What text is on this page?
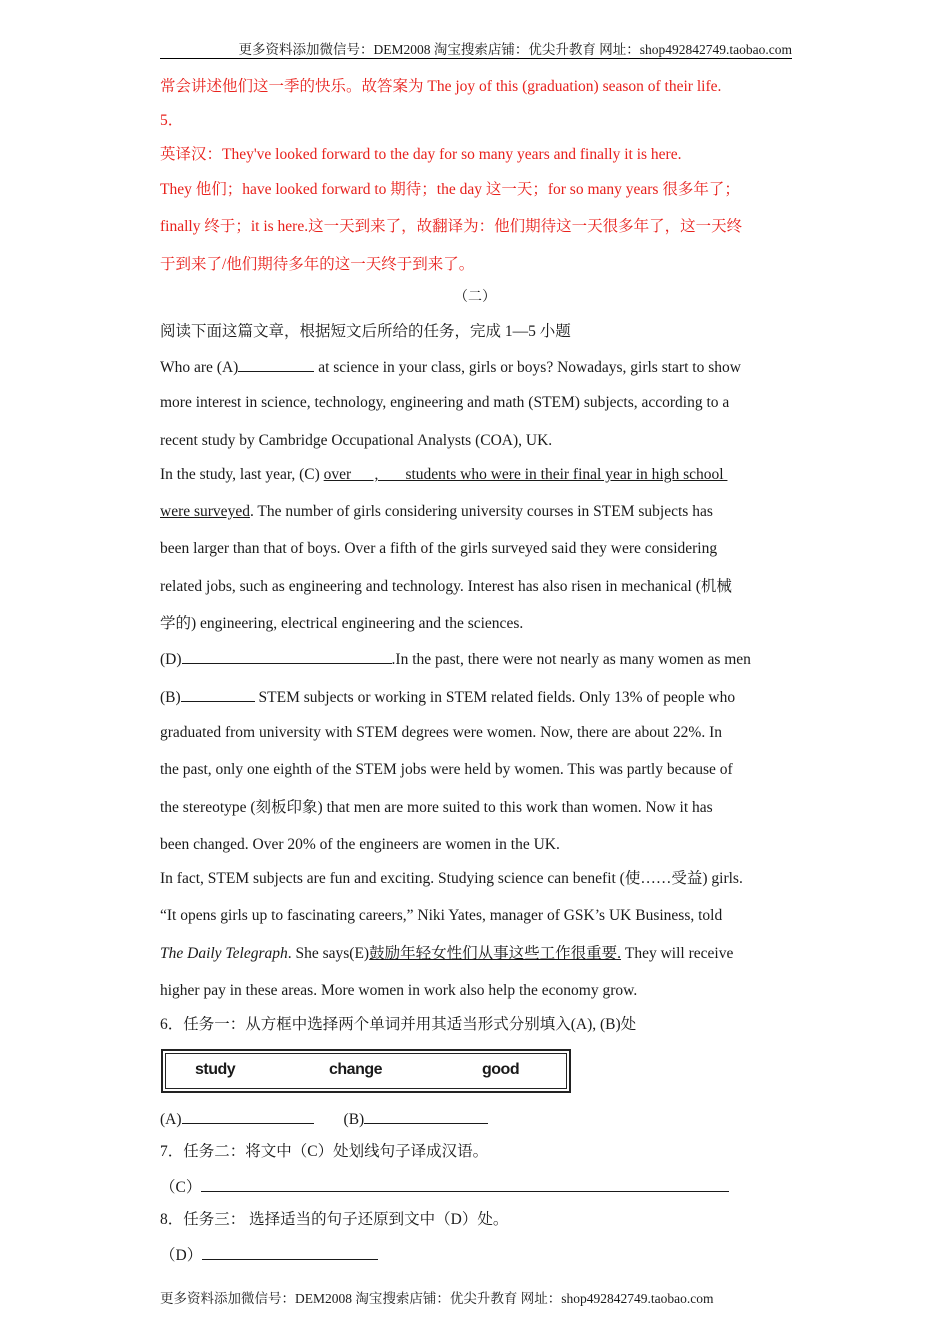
更多资料添加微信号：DEM2008 淘宝搜索店铺：优尖升教育 网址：shop492842749.taobao.com
常会讲述他们这一季的快乐。故答案为 The joy of this (graduation) season of their life.
5．
英译汉：They've looked forward to the day for so many years and finally it is here.
They 他们；have looked forward to 期待；the day 这一天；for so many years 很多年了；
finally 终于；it is here.这一天到来了，故翻译为：他们期待这一天很多年了，这一天终
于到来了/他们期待多年的这一天终于到来了。
（二）
阅读下面这篇文章，根据短文后所给的任务，完成 1—5 小题
Who are (A)	at science in your class, girls or boys? Nowadays, girls start to show
more interest in science, technology, engineering and math (STEM) subjects, according to a
recent study by Cambridge Occupational Analysts (COA), UK.
In the study, last year, (C) over      ,       students who were in their final year in high school
were surveyed. The number of girls considering university courses in STEM subjects has
been larger than that of boys. Over a fifth of the girls surveyed said they were considering
related jobs, such as engineering and technology. Interest has also risen in mechanical (机械
学的) engineering, electrical engineering and the sciences.
(D)	.In the past, there were not nearly as many women as men
(B)	STEM subjects or working in STEM related fields. Only 13% of people who
graduated from university with STEM degrees were women. Now, there are about 22%. In
the past, only one eighth of the STEM jobs were held by women. This was partly because of
the stereotype (刻板印象) that men are more suited to this work than women. Now it has
been changed. Over 20% of the engineers are women in the UK.
In fact, STEM subjects are fun and exciting. Studying science can benefit (使……受益) girls.
“It opens girls up to fascinating careers,” Niki Yates, manager of GSK’s UK Business, told
The Daily Telegraph. She says(E)鼓励年轻女性们从事这些工作很重要. They will receive
higher pay in these areas. More women in work also help the economy grow.
6．任务一：从方框中选择两个单词并用其适当形式分别填入(A), (B)处
study	change	good
(A)	(B)
7．任务二：将文中（C）处划线句子译成汉语。
（C）
8．任务三： 选择适当的句子还原到文中（D）处。
（D）
更多资料添加微信号：DEM2008 淘宝搜索店铺：优尖升教育 网址：shop492842749.taobao.com
